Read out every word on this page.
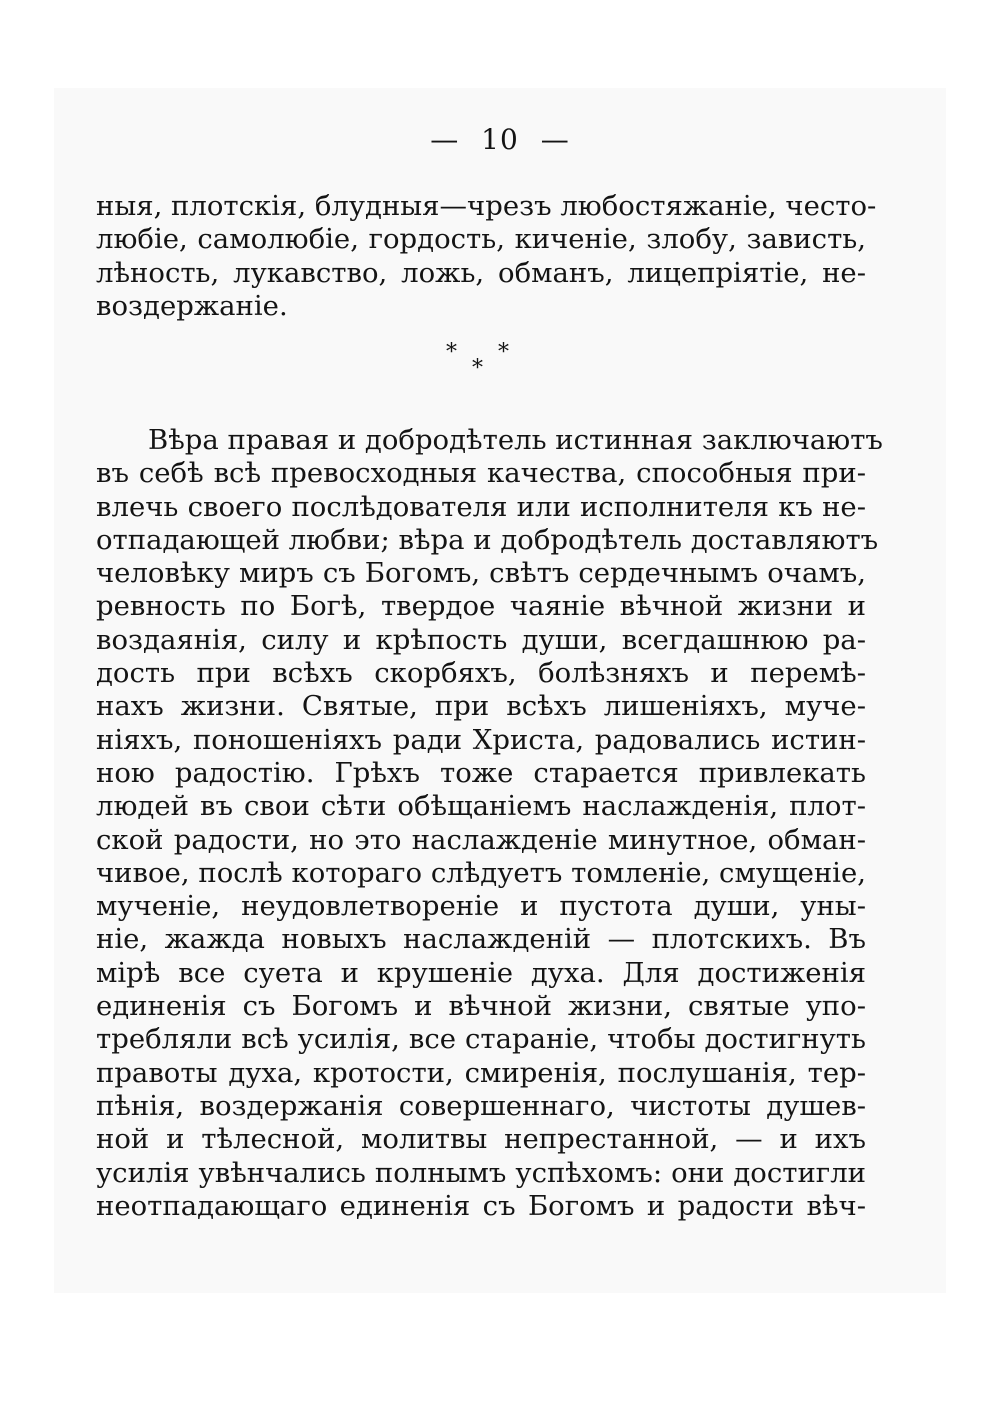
— 10 —
ныя, плотскія, блудныя—чрезъ любостяжаніе, често-
любіе, самолюбіе, гордость, кичeніе, злобу, зависть,
лѣность, лукавство, ложь, обманъ, лицепріятіе, не-
воздержаніе.
* *
*
Вѣра правая и добродѣтель истинная заключаютъ
въ себѣ всѣ превосходныя качества, способныя при-
влечь своего послѣдователя или исполнителя къ не-
отпадающей любви; вѣра и добродѣтель доставляютъ
человѣку миръ съ Богомъ, свѣтъ сердечнымъ очамъ,
ревность по Богѣ, твердое чаяніе вѣчной жизни и
воздаянія, силу и крѣпость души, всегдашнюю ра-
дость при всѣхъ скорбяхъ, болѣзняхъ и перемѣ-
нахъ жизни. Святые, при всѣхъ лишеніяхъ, муче-
ніяхъ, поношеніяхъ ради Христа, радовались истин-
ною радостію. Грѣхъ тоже старается привлекать
людей въ свои сѣти обѣщаніемъ наслажденія, плот-
ской радости, но это наслажденіе минутное, обман-
чивое, послѣ котораго слѣдуетъ томленіе, смущеніе,
мученіе, неудовлетвореніе и пустота души, уны-
ніе, жажда новыхъ наслажденій — плотскихъ. Въ
мірѣ все суета и крушеніе духа. Для достиженія
единенія съ Богомъ и вѣчной жизни, святые упо-
требляли всѣ усилія, все стараніе, чтобы достигнуть
правоты духа, кротости, смиренія, послушанія, тер-
пѣнія, воздержанія совершеннаго, чистоты душев-
ной и тѣлесной, молитвы непрестанной, — и ихъ
усилія увѣнчались полнымъ успѣхомъ: они достигли
неотпадающаго единенія съ Богомъ и радости вѣч-
